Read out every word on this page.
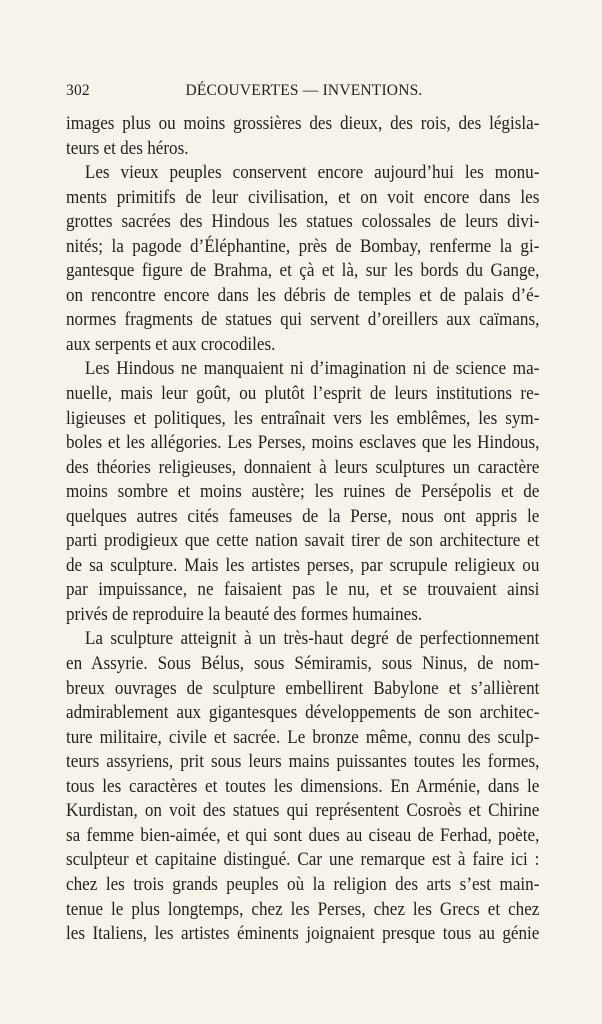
302	DÉCOUVERTES — INVENTIONS.
images plus ou moins grossières des dieux, des rois, des législa-
teurs et des héros.
Les vieux peuples conservent encore aujourd’hui les monu-
ments primitifs de leur civilisation, et on voit encore dans les
grottes sacrées des Hindous les statues colossales de leurs divi-
nités; la pagode d’Éléphantine, près de Bombay, renferme la gi-
gantesque figure de Brahma, et çà et là, sur les bords du Gange,
on rencontre encore dans les débris de temples et de palais d’é-
normes fragments de statues qui servent d’oreillers aux caïmans,
aux serpents et aux crocodiles.
Les Hindous ne manquaient ni d’imagination ni de science ma-
nuelle, mais leur goût, ou plutôt l’esprit de leurs institutions re-
ligieuses et politiques, les entraînait vers les emblêmes, les sym-
boles et les allégories. Les Perses, moins esclaves que les Hindous,
des théories religieuses, donnaient à leurs sculptures un caractère
moins sombre et moins austère; les ruines de Persépolis et de
quelques autres cités fameuses de la Perse, nous ont appris le
parti prodigieux que cette nation savait tirer de son architecture et
de sa sculpture. Mais les artistes perses, par scrupule religieux ou
par impuissance, ne faisaient pas le nu, et se trouvaient ainsi
privés de reproduire la beauté des formes humaines.
La sculpture atteignit à un très-haut degré de perfectionnement
en Assyrie. Sous Bélus, sous Sémiramis, sous Ninus, de nom-
breux ouvrages de sculpture embellirent Babylone et s’allièrent
admirablement aux gigantesques développements de son architec-
ture militaire, civile et sacrée. Le bronze même, connu des sculp-
teurs assyriens, prit sous leurs mains puissantes toutes les formes,
tous les caractères et toutes les dimensions. En Arménie, dans le
Kurdistan, on voit des statues qui représentent Cosroès et Chirine
sa femme bien-aimée, et qui sont dues au ciseau de Ferhad, poète,
sculpteur et capitaine distingué. Car une remarque est à faire ici :
chez les trois grands peuples où la religion des arts s’est main-
tenue le plus longtemps, chez les Perses, chez les Grecs et chez
les Italiens, les artistes éminents joignaient presque tous au génie
